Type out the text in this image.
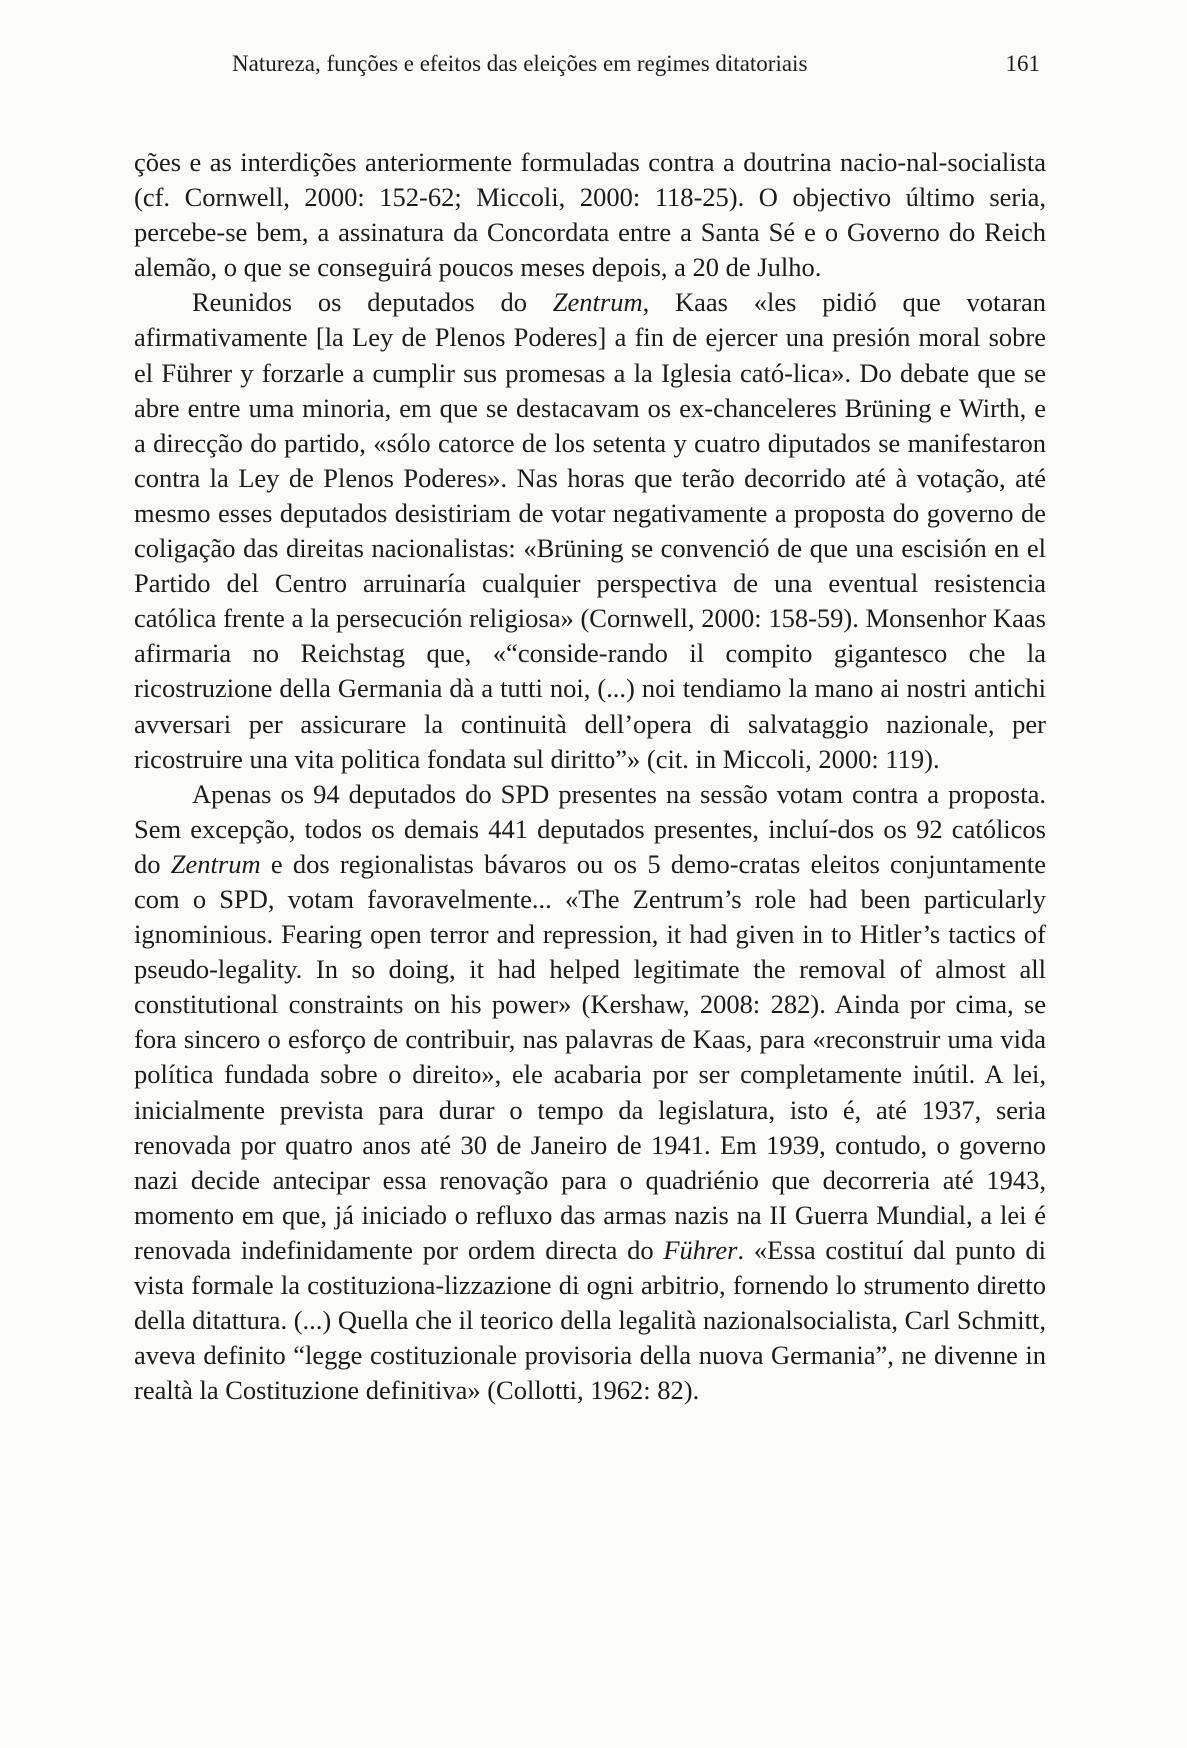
Natureza, funções e efeitos das eleições em regimes ditatoriais	161

ções e as interdições anteriormente formuladas contra a doutrina nacio-nal-socialista (cf. Cornwell, 2000: 152-62; Miccoli, 2000: 118-25). O objectivo último seria, percebe-se bem, a assinatura da Concordata entre a Santa Sé e o Governo do Reich alemão, o que se conseguirá poucos meses depois, a 20 de Julho.

Reunidos os deputados do Zentrum, Kaas «les pidió que votaran afirmativamente [la Ley de Plenos Poderes] a fin de ejercer una presión moral sobre el Führer y forzarle a cumplir sus promesas a la Iglesia cató-lica». Do debate que se abre entre uma minoria, em que se destacavam os ex-chanceleres Brüning e Wirth, e a direcção do partido, «sólo catorce de los setenta y cuatro diputados se manifestaron contra la Ley de Plenos Poderes». Nas horas que terão decorrido até à votação, até mesmo esses deputados desistiriam de votar negativamente a proposta do governo de coligação das direitas nacionalistas: «Brüning se convenció de que una escisión en el Partido del Centro arruinaría cualquier perspectiva de una eventual resistencia católica frente a la persecución religiosa» (Cornwell, 2000: 158-59). Monsenhor Kaas afirmaria no Reichstag que, «“conside-rando il compito gigantesco che la ricostruzione della Germania dà a tutti noi, (...) noi tendiamo la mano ai nostri antichi avversari per assicurare la continuità dell’opera di salvataggio nazionale, per ricostruire una vita politica fondata sul diritto”» (cit. in Miccoli, 2000: 119).

Apenas os 94 deputados do SPD presentes na sessão votam contra a proposta. Sem excepção, todos os demais 441 deputados presentes, incluí-dos os 92 católicos do Zentrum e dos regionalistas bávaros ou os 5 demo-cratas eleitos conjuntamente com o SPD, votam favoravelmente... «The Zentrum’s role had been particularly ignominious. Fearing open terror and repression, it had given in to Hitler’s tactics of pseudo-legality. In so doing, it had helped legitimate the removal of almost all constitutional constraints on his power» (Kershaw, 2008: 282). Ainda por cima, se fora sincero o esforço de contribuir, nas palavras de Kaas, para «reconstruir uma vida política fundada sobre o direito», ele acabaria por ser completamente inútil. A lei, inicialmente prevista para durar o tempo da legislatura, isto é, até 1937, seria renovada por quatro anos até 30 de Janeiro de 1941. Em 1939, contudo, o governo nazi decide antecipar essa renovação para o quadriénio que decorreria até 1943, momento em que, já iniciado o refluxo das armas nazis na II Guerra Mundial, a lei é renovada indefinidamente por ordem directa do Führer. «Essa costituí dal punto di vista formale la costituziona-lizzazione di ogni arbitrio, fornendo lo strumento diretto della ditattura. (...) Quella che il teorico della legalità nazionalsocialista, Carl Schmitt, aveva definito “legge costituzionale provisoria della nuova Germania”, ne divenne in realtà la Costituzione definitiva» (Collotti, 1962: 82).
